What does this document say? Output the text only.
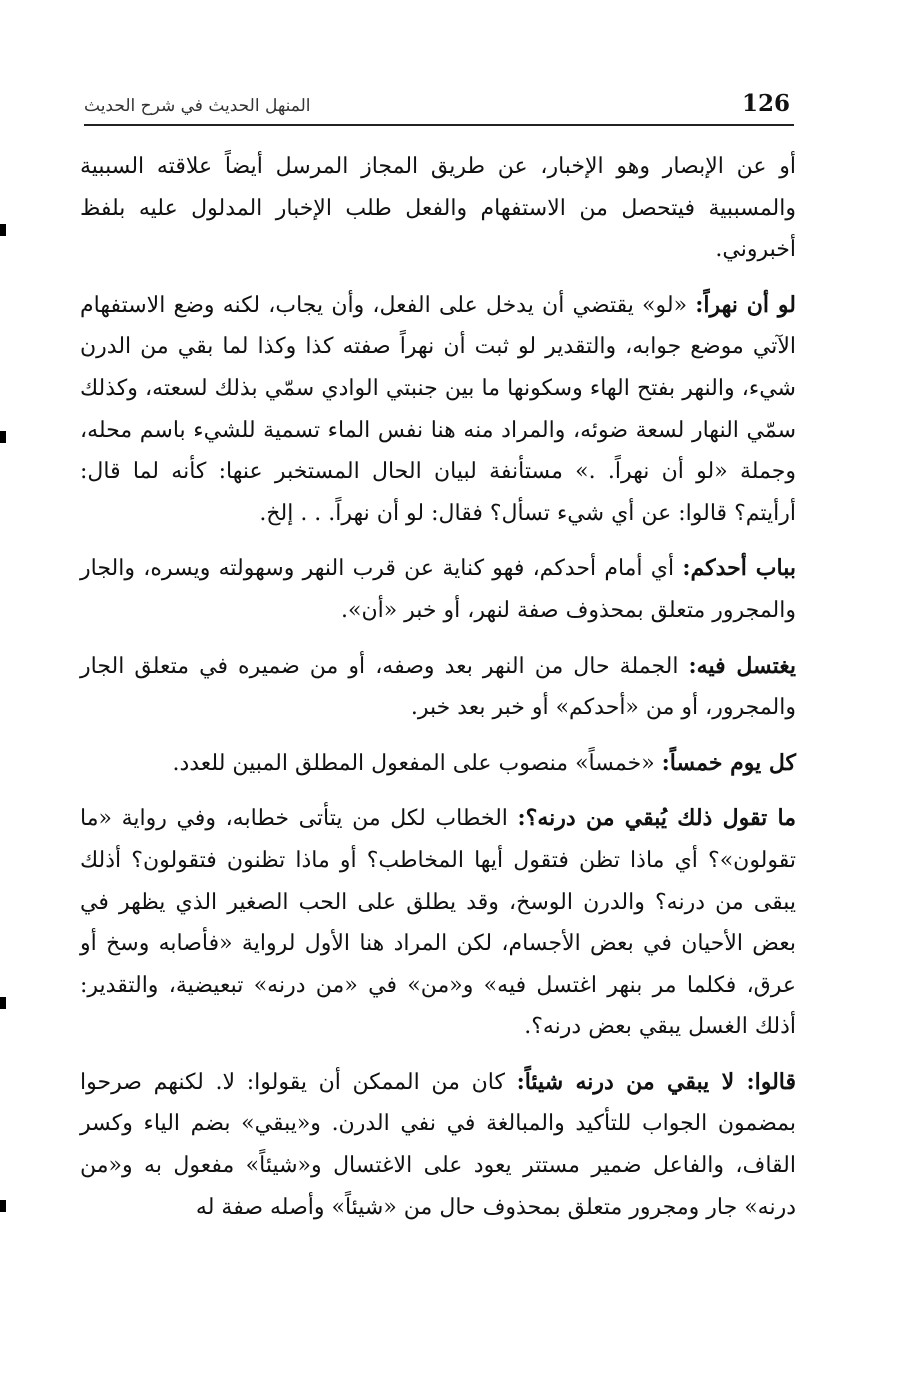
126
المنهل الحديث في شرح الحديث

أو عن الإبصار وهو الإخبار، عن طريق المجاز المرسل أيضاً علاقته السببية والمسببية فيتحصل من الاستفهام والفعل طلب الإخبار المدلول عليه بلفظ أخبروني.

لو أن نهراً: «لو» يقتضي أن يدخل على الفعل، وأن يجاب، لكنه وضع الاستفهام الآتي موضع جوابه، والتقدير لو ثبت أن نهراً صفته كذا وكذا لما بقي من الدرن شيء، والنهر بفتح الهاء وسكونها ما بين جنبتي الوادي سمّي بذلك لسعته، وكذلك سمّي النهار لسعة ضوئه، والمراد منه هنا نفس الماء تسمية للشيء باسم محله، وجملة «لو أن نهراً. .» مستأنفة لبيان الحال المستخبر عنها: كأنه لما قال: أرأيتم؟ قالوا: عن أي شيء تسأل؟ فقال: لو أن نهراً. . . إلخ.

بباب أحدكم: أي أمام أحدكم، فهو كناية عن قرب النهر وسهولته ويسره، والجار والمجرور متعلق بمحذوف صفة لنهر، أو خبر «أن».

يغتسل فيه: الجملة حال من النهر بعد وصفه، أو من ضميره في متعلق الجار والمجرور، أو من «أحدكم» أو خبر بعد خبر.

كل يوم خمساً: «خمساً» منصوب على المفعول المطلق المبين للعدد.

ما تقول ذلك يُبقي من درنه؟: الخطاب لكل من يتأتى خطابه، وفي رواية «ما تقولون»؟ أي ماذا تظن فتقول أيها المخاطب؟ أو ماذا تظنون فتقولون؟ أذلك يبقى من درنه؟ والدرن الوسخ، وقد يطلق على الحب الصغير الذي يظهر في بعض الأحيان في بعض الأجسام، لكن المراد هنا الأول لرواية «فأصابه وسخ أو عرق، فكلما مر بنهر اغتسل فيه» و«من» في «من درنه» تبعيضية، والتقدير: أذلك الغسل يبقي بعض درنه؟.

قالوا: لا يبقي من درنه شيئاً: كان من الممكن أن يقولوا: لا. لكنهم صرحوا بمضمون الجواب للتأكيد والمبالغة في نفي الدرن. و«يبقي» بضم الياء وكسر القاف، والفاعل ضمير مستتر يعود على الاغتسال و«شيئاً» مفعول به و«من درنه» جار ومجرور متعلق بمحذوف حال من «شيئاً» وأصله صفة له
